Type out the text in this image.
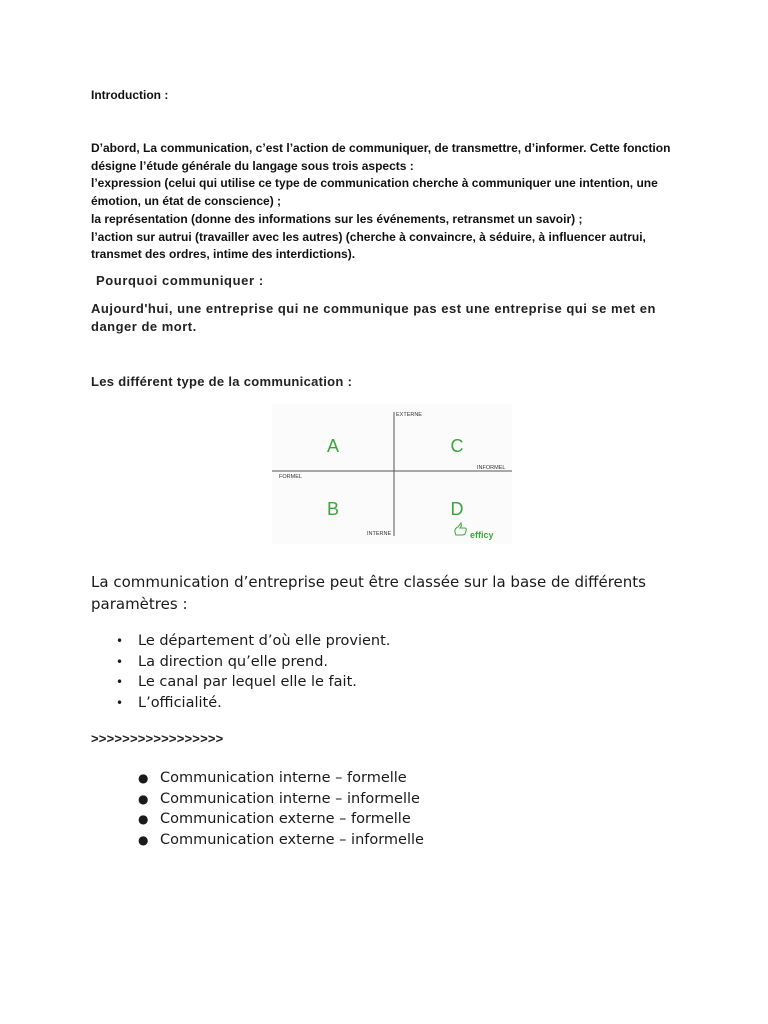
Introduction :

D’abord, La communication, c’est l’action de communiquer, de transmettre, d’informer. Cette fonction désigne l’étude générale du langage sous trois aspects :

l’expression (celui qui utilise ce type de communication cherche à communiquer une intention, une émotion, un état de conscience) ;

la représentation (donne des informations sur les événements, retransmet un savoir) ;

l’action sur autrui (travailler avec les autres) (cherche à convaincre, à séduire, à influencer autrui, transmet des ordres, intime des interdictions).

Pourquoi communiquer :

Aujourd'hui, une entreprise qui ne communique pas est une entreprise qui se met en danger de mort.

Les différent type de la communication :

EXTERNE
INTERNE
FORMEL
INFORMEL
A	C
B	D
efficy

La communication d’entreprise peut être classée sur la base de différents paramètres :

• Le département d’où elle provient.
• La direction qu’elle prend.
• Le canal par lequel elle le fait.
• L’officialité.

>>>>>>>>>>>>>>>>>

● Communication interne – formelle
● Communication interne – informelle
● Communication externe – formelle
● Communication externe – informelle
